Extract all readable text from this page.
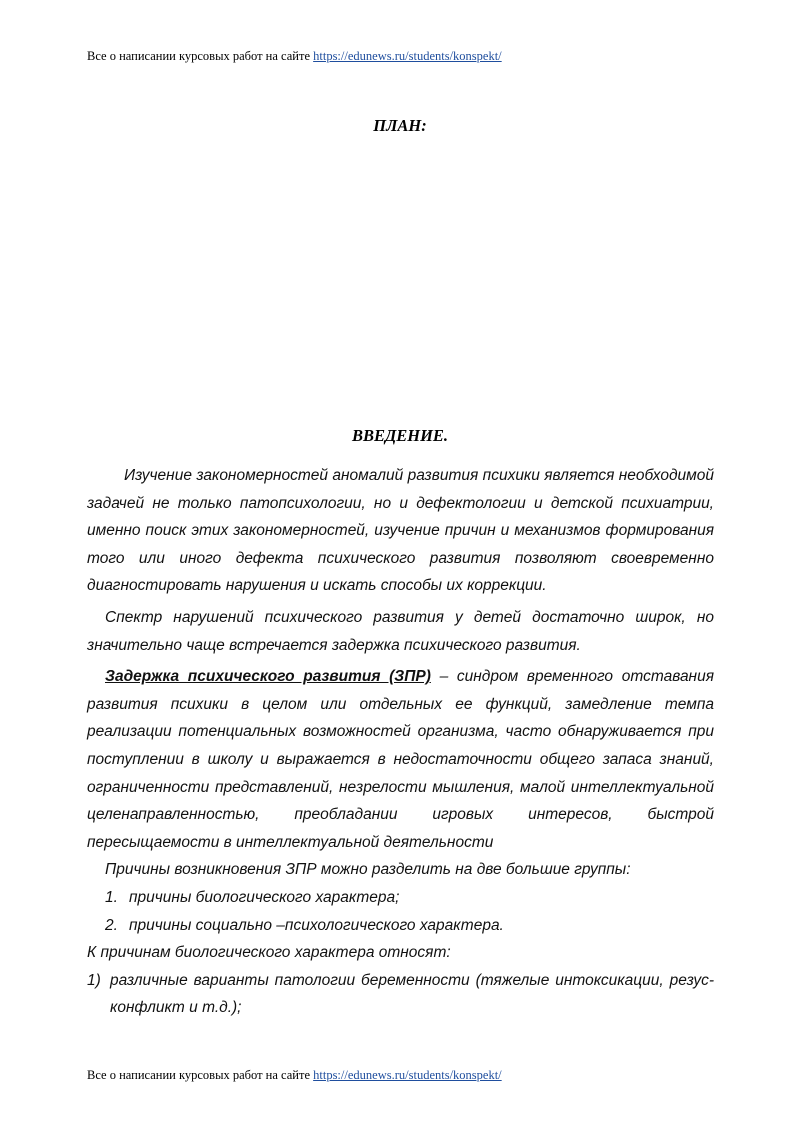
Все о написании курсовых работ на сайте https://edunews.ru/students/konspekt/
ПЛАН:
ВВЕДЕНИЕ.

Изучение закономерностей аномалий развития психики является необходимой задачей не только патопсихологии, но и дефектологии и детской психиатрии, именно поиск этих закономерностей, изучение причин и механизмов формирования того или иного дефекта психического развития позволяют своевременно диагностировать нарушения и искать способы их коррекции.

Спектр нарушений психического развития у детей достаточно широк, но значительно чаще встречается задержка психического развития.

Задержка психического развития (ЗПР) – синдром временного отставания развития психики в целом или отдельных ее функций, замедление темпа реализации потенциальных возможностей организма, часто обнаруживается при поступлении в школу и выражается в недостаточности общего запаса знаний, ограниченности представлений, незрелости мышления, малой интеллектуальной целенаправленностью, преобладании игровых интересов, быстрой пересыщаемости в интеллектуальной деятельности

Причины возникновения ЗПР можно разделить на две большие группы:

1. причины биологического характера;
2. причины социально –психологического характера.

К причинам биологического характера относят:

1) различные варианты патологии беременности (тяжелые интоксикации, резус-конфликт и т.д.);
Все о написании курсовых работ на сайте https://edunews.ru/students/konspekt/
